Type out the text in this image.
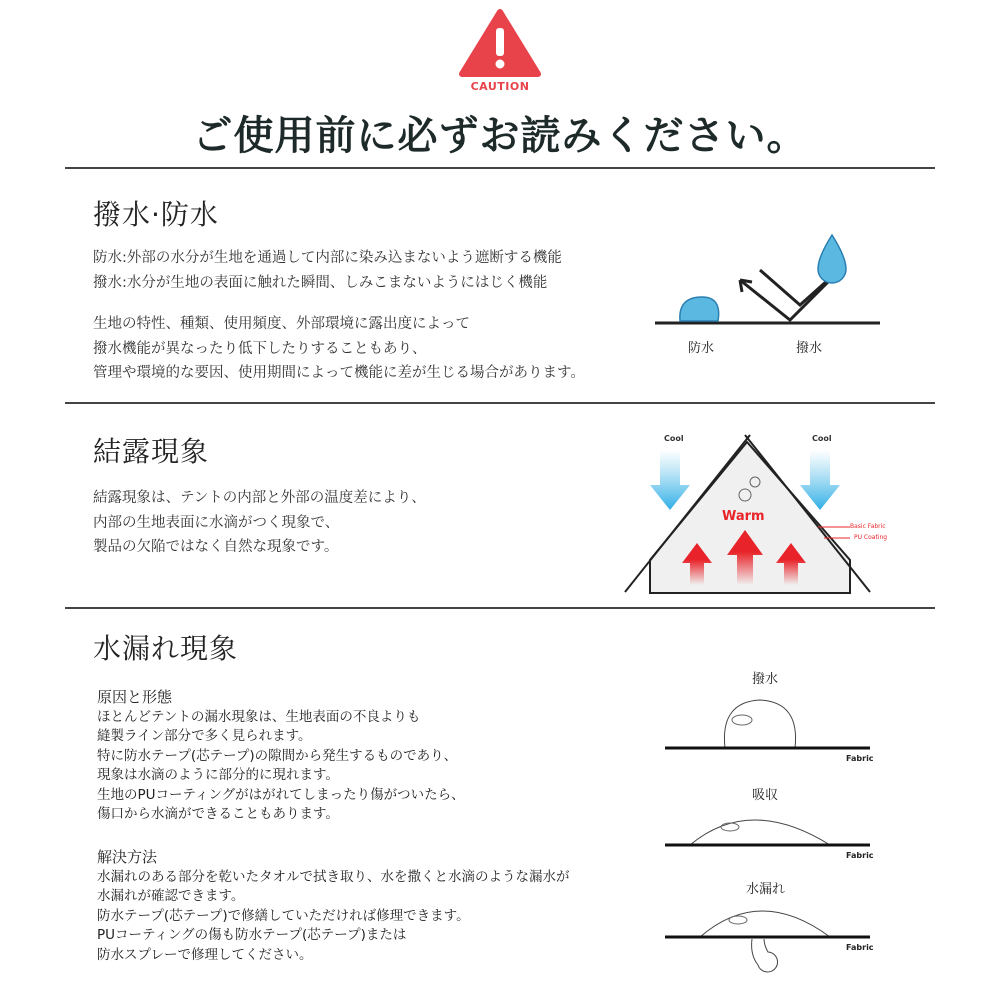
CAUTION
ご使用前に必ずお読みください。
撥水·防水
防水:外部の水分が生地を通過して内部に染み込まないよう遮断する機能
撥水:水分が生地の表面に触れた瞬間、しみこまないようにはじく機能
生地の特性、種類、使用頻度、外部環境に露出度によって
撥水機能が異なったり低下したりすることもあり、
管理や環境的な要因、使用期間によって機能に差が生じる場合があります。
防水	撥水
結露現象
結露現象は、テントの内部と外部の温度差により、
内部の生地表面に水滴がつく現象で、
製品の欠陥ではなく自然な現象です。
Cool	Cool
Warm
Basic Fabric
PU Coating
水漏れ現象
原因と形態
ほとんどテントの漏水現象は、生地表面の不良よりも
縫製ライン部分で多く見られます。
特に防水テープ(芯テープ)の隙間から発生するものであり、
現象は水滴のように部分的に現れます。
生地のPUコーティングがはがれてしまったり傷がついたら、
傷口から水滴ができることもあります。
解決方法
水漏れのある部分を乾いたタオルで拭き取り、水を撒くと水滴のような漏水が
水漏れが確認できます。
防水テープ(芯テープ)で修繕していただければ修理できます。
PUコーティングの傷も防水テープ(芯テープ)または
防水スプレーで修理してください。
撥水
Fabric
吸収
Fabric
水漏れ
Fabric
